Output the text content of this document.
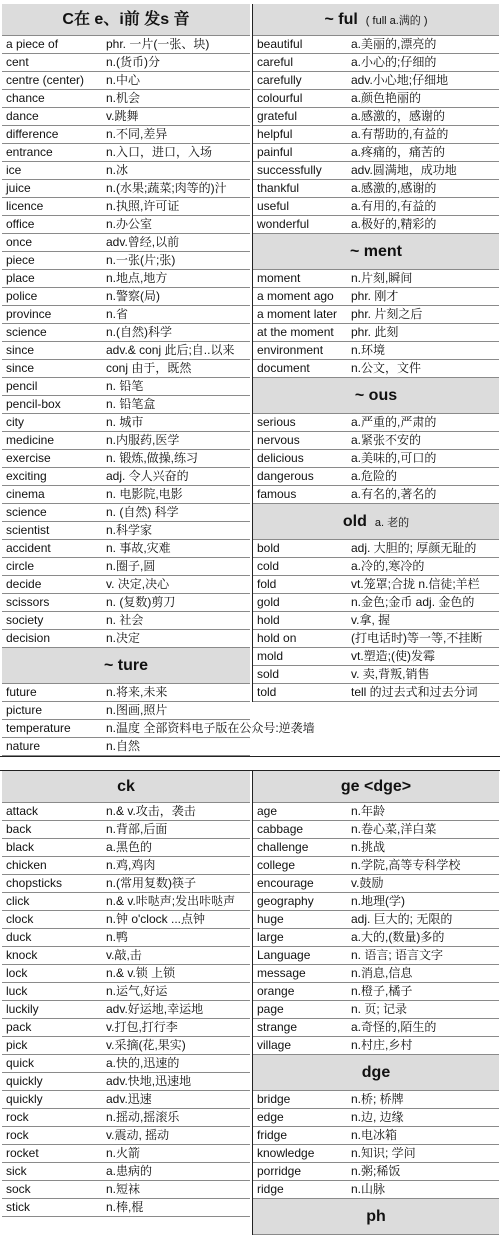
C在 e、i前 发s 音
a piece of	phr. 一片(一张、块)
cent	n.(货币)分
centre (center) n.中心
chance	n.机会
dance	v.跳舞
difference	n.不同,差异
entrance	n.入口，进口，入场
ice	n.冰
juice	n.(水果;蔬菜;肉等的)汁
licence	n.执照,许可证
office	n.办公室
once	adv.曾经,以前
piece	n.一张(片;张)
place	n.地点,地方
police	n.警察(局)
province	n.省
science	n.(自然)科学
since	adv.& conj 此后;自..以来
since	conj 由于，既然
pencil	n. 铅笔
pencil-box	n. 铅笔盒
city	n. 城市
medicine	n.内服药,医学
exercise	n. 锻炼,做操,练习
exciting	adj. 令人兴奋的
cinema	n. 电影院,电影
science	n. (自然) 科学
scientist	n.科学家
accident	n. 事故,灾难
circle	n.圈子,圆
decide	v. 决定,决心
scissors	n. (复数)剪刀
society	n. 社会
decision	n.决定
~ ture
future	n.将来,未来
picture	n.图画,照片
temperature	n.温度 全部资料电子版在公众号:逆袭墙
nature	n.自然
~ ful ( full a.满的 )
beautiful	a.美丽的,漂亮的
careful	a.小心的;仔细的
carefully	adv.小心地;仔细地
colourful	a.颜色艳丽的
grateful	a.感激的，感谢的
helpful	a.有帮助的,有益的
painful	a.疼痛的，痛苦的
successfully adv.圆满地，成功地
thankful	a.感激的,感谢的
useful	a.有用的,有益的
wonderful	a.极好的,精彩的
~ ment
moment	n.片刻,瞬间
a moment ago phr. 刚才
a moment later phr. 片刻之后
at the moment phr. 此刻
environment n.环境
document	n.公文，文件
~ ous
serious	a.严重的,严肃的
nervous	a.紧张不安的
delicious	a.美味的,可口的
dangerous	a.危险的
famous	a.有名的,著名的
old a. 老的
bold	adj. 大胆的; 厚颜无耻的
cold	a.冷的,寒冷的
fold	vt.笼罩;合拢 n.信徒;羊栏
gold	n.金色;金币 adj. 金色的
hold	v.拿, 握
hold on	(打电话时)等一等,不挂断
mold	vt.塑造;(使)发霉
sold	v. 卖,背叛,销售
told	tell 的过去式和过去分词
ck
attack	n.& v.攻击，袭击
back	n.背部,后面
black	a.黑色的
chicken	n.鸡,鸡肉
chopsticks	n.(常用复数)筷子
click	n.& v.咔哒声;发出咔哒声
clock	n.钟 o'clock ...点钟
duck	n.鸭
knock	v.敲,击
lock	n.& v.锁 上锁
luck	n.运气,好运
luckily	adv.好运地,幸运地
pack	v.打包,打行李
pick	v.采摘(花,果实)
quick	a.快的,迅速的
quickly	adv.快地,迅速地
quickly	adv.迅速
rock	n.摇动,摇滚乐
rock	v.震动, 摇动
rocket	n.火箭
sick	a.患病的
sock	n.短袜
stick	n.棒,棍
ge <dge>
age	n.年龄
cabbage	n.卷心菜,洋白菜
challenge	n.挑战
college	n.学院,高等专科学校
encourage	v.鼓励
geography	n.地理(学)
huge	adj. 巨大的; 无限的
large	a.大的,(数量)多的
Language	n. 语言; 语言文字
message	n.消息,信息
orange	n.橙子,橘子
page	n. 页; 记录
strange	a.奇怪的,陌生的
village	n.村庄,乡村
dge
bridge	n.桥; 桥牌
edge	n.边, 边缘
fridge	n.电冰箱
knowledge	n.知识; 学问
porridge	n.粥;稀饭
ridge	n.山脉
ph
